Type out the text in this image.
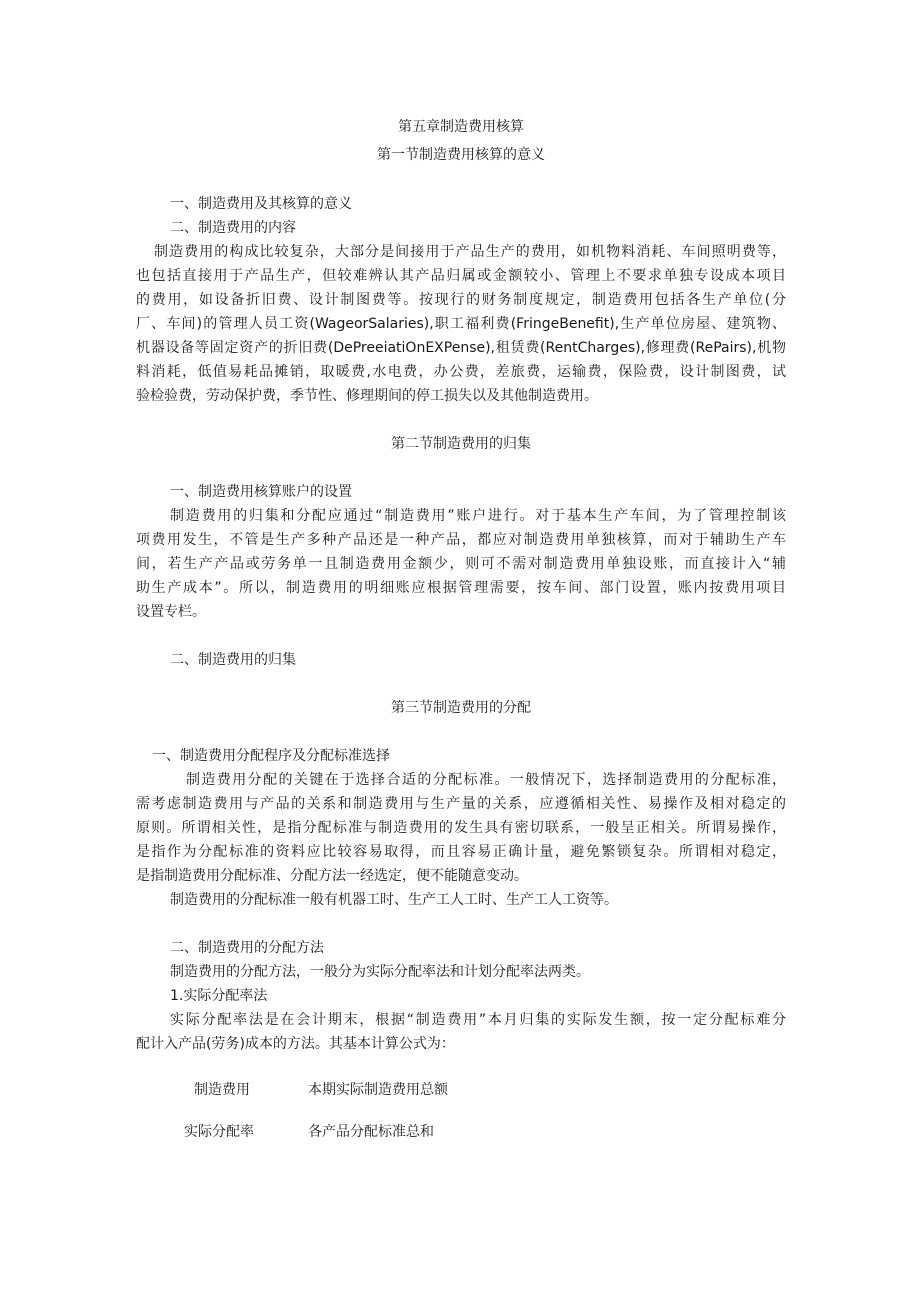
第五章制造费用核算
第一节制造费用核算的意义
一、制造费用及其核算的意义
二、制造费用的内容
制造费用的构成比较复杂，大部分是间接用于产品生产的费用，如机物料消耗、车间照明费等，
也包括直接用于产品生产，但较难辨认其产品归属或金额较小、管理上不要求单独专设成本项目
的费用，如设备折旧费、设计制图费等。按现行的财务制度规定，制造费用包括各生产单位(分
厂、车间)的管理人员工资(WageorSalaries),职工福利费(FringeBenefit),生产单位房屋、建筑物、
机器设备等固定资产的折旧费(DePreeiatiOnEXPense),租赁费(RentCharges),修理费(RePairs),机物
料消耗，低值易耗品摊销，取暖费,水电费，办公费，差旅费，运输费，保险费，设计制图费，试
验检验费，劳动保护费，季节性、修理期间的停工损失以及其他制造费用。
第二节制造费用的归集
一、制造费用核算账户的设置
制造费用的归集和分配应通过“制造费用”账户进行。对于基本生产车间，为了管理控制该
项费用发生，不管是生产多种产品还是一种产品，都应对制造费用单独核算，而对于辅助生产车
间，若生产产品或劳务单一且制造费用金额少，则可不需对制造费用单独设账，而直接计入“辅
助生产成本”。所以，制造费用的明细账应根据管理需要，按车间、部门设置，账内按费用项目
设置专栏。
二、制造费用的归集
第三节制造费用的分配
一、制造费用分配程序及分配标准选择
制造费用分配的关键在于选择合适的分配标准。一般情况下，选择制造费用的分配标准，
需考虑制造费用与产品的关系和制造费用与生产量的关系，应遵循相关性、易操作及相对稳定的
原则。所谓相关性，是指分配标准与制造费用的发生具有密切联系，一般呈正相关。所谓易操作，
是指作为分配标准的资料应比较容易取得，而且容易正确计量，避免繁锁复杂。所谓相对稳定，
是指制造费用分配标准、分配方法一经选定，便不能随意变动。
制造费用的分配标准一般有机器工时、生产工人工时、生产工人工资等。
二、制造费用的分配方法
制造费用的分配方法，一般分为实际分配率法和计划分配率法两类。
1.实际分配率法
实际分配率法是在会计期末，根据“制造费用”本月归集的实际发生额，按一定分配标难分
配计入产品(劳务)成本的方法。其基本计算公式为：
制造费用	本期实际制造费用总额
实际分配率	各产品分配标准总和
